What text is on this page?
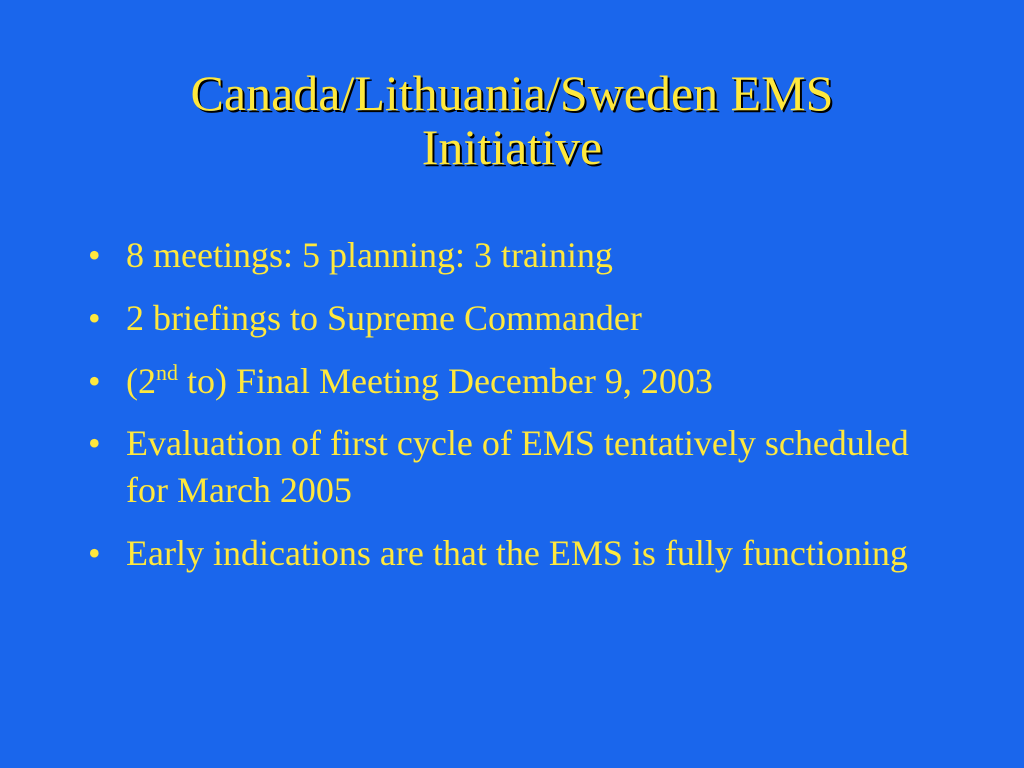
Canada/Lithuania/Sweden EMS
Initiative
• 8 meetings: 5 planning: 3 training
• 2 briefings to Supreme Commander
• (2nd to) Final Meeting December 9, 2003
• Evaluation of first cycle of EMS tentatively scheduled for March 2005
• Early indications are that the EMS is fully functioning
